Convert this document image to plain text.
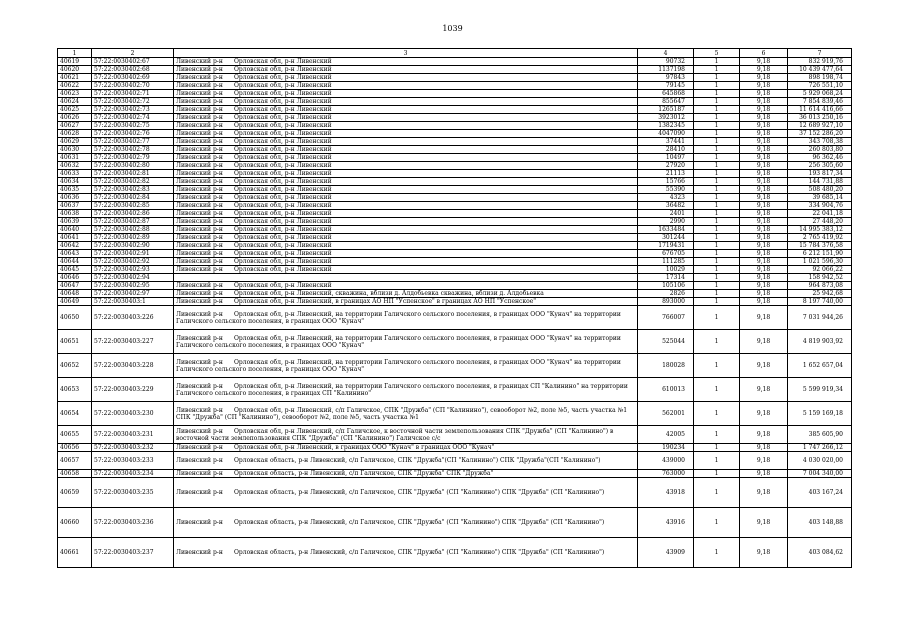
1039
1	2	3	4	5	6	7
40619	57:22:0030402:67	Ливенский р-н Орловская обл, р-н Ливенский	90732	1	9,18	832 919,76
40620	57:22:0030402:68	Ливенский р-н Орловская обл, р-н Ливенский	1137198	1	9,18	10 439 477,64
40621	57:22:0030402:69	Ливенский р-н Орловская обл, р-н Ливенский	97843	1	9,18	898 198,74
40622	57:22:0030402:70	Ливенский р-н Орловская обл, р-н Ливенский	79145	1	9,18	726 551,10
40623	57:22:0030402:71	Ливенский р-н Орловская обл, р-н Ливенский	645868	1	9,18	5 929 068,24
40624	57:22:0030402:72	Ливенский р-н Орловская обл, р-н Ливенский	855647	1	9,18	7 854 839,46
40625	57:22:0030402:73	Ливенский р-н Орловская обл, р-н Ливенский	1265187	1	9,18	11 614 416,66
40626	57:22:0030402:74	Ливенский р-н Орловская обл, р-н Ливенский	3923012	1	9,18	36 013 250,16
40627	57:22:0030402:75	Ливенский р-н Орловская обл, р-н Ливенский	1382345	1	9,18	12 689 927,10
40628	57:22:0030402:76	Ливенский р-н Орловская обл, р-н Ливенский	4047090	1	9,18	37 152 286,20
40629	57:22:0030402:77	Ливенский р-н Орловская обл, р-н Ливенский	37441	1	9,18	343 708,38
40630	57:22:0030402:78	Ливенский р-н Орловская обл, р-н Ливенский	28410	1	9,18	260 803,80
40631	57:22:0030402:79	Ливенский р-н Орловская обл, р-н Ливенский	10497	1	9,18	96 362,46
40632	57:22:0030402:80	Ливенский р-н Орловская обл, р-н Ливенский	27920	1	9,18	256 305,60
40633	57:22:0030402:81	Ливенский р-н Орловская обл, р-н Ливенский	21113	1	9,18	193 817,34
40634	57:22:0030402:82	Ливенский р-н Орловская обл, р-н Ливенский	15766	1	9,18	144 731,88
40635	57:22:0030402:83	Ливенский р-н Орловская обл, р-н Ливенский	55390	1	9,18	508 480,20
40636	57:22:0030402:84	Ливенский р-н Орловская обл, р-н Ливенский	4323	1	9,18	39 685,14
40637	57:22:0030402:85	Ливенский р-н Орловская обл, р-н Ливенский	36482	1	9,18	334 904,76
40638	57:22:0030402:86	Ливенский р-н Орловская обл, р-н Ливенский	2401	1	9,18	22 041,18
40639	57:22:0030402:87	Ливенский р-н Орловская обл, р-н Ливенский	2990	1	9,18	27 448,20
40640	57:22:0030402:88	Ливенский р-н Орловская обл, р-н Ливенский	1633484	1	9,18	14 995 383,12
40641	57:22:0030402:89	Ливенский р-н Орловская обл, р-н Ливенский	301244	1	9,18	2 765 419,92
40642	57:22:0030402:90	Ливенский р-н Орловская обл, р-н Ливенский	1719431	1	9,18	15 784 376,58
40643	57:22:0030402:91	Ливенский р-н Орловская обл, р-н Ливенский	676705	1	9,18	6 212 151,90
40644	57:22:0030402:92	Ливенский р-н Орловская обл, р-н Ливенский	111285	1	9,18	1 021 596,30
40645	57:22:0030402:93	Ливенский р-н Орловская обл, р-н Ливенский	10029	1	9,18	92 066,22
40646	57:22:0030402:94		17314	1	9,18	158 942,52
40647	57:22:0030402:95	Ливенский р-н Орловская обл, р-н Ливенский	105106	1	9,18	964 873,08
40648	57:22:0030402:97	Ливенский р-н Орловская обл, р-н Ливенский, скважина, вблизи д. Алдобьевка скважина, вблизи д. Алдобьевка	2826	1	9,18	25 942,68
40649	57:22:0030403:1	Ливенский р-н Орловская обл, р-н Ливенский, в границах АО НП "Успенское" в границах АО НП "Успенское"	893000	1	9,18	8 197 740,00
40650	57:22:0030403:226	Ливенский р-н Орловская обл, р-н Ливенский, на территории Галичского сельского поселения, в границах ООО "Кунач" на территории Галичского сельского поселения, в границах ООО "Кунач"	766007	1	9,18	7 031 944,26
40651	57:22:0030403:227	Ливенский р-н Орловская обл, р-н Ливенский, на территории Галичского сельского поселения, в границах ООО "Кунач" на территории Галичского сельского поселения, в границах ООО "Кунач"	525044	1	9,18	4 819 903,92
40652	57:22:0030403:228	Ливенский р-н Орловская обл, р-н Ливенский, на территории Галичского сельского поселения, в границах ООО "Кунач" на территории Галичского сельского поселения, в границах ООО "Кунач"	180028	1	9,18	1 652 657,04
40653	57:22:0030403:229	Ливенский р-н Орловская обл, р-н Ливенский, на территории Галичского сельского поселения, в границах СП "Калинино" на территории Галичского сельского поселения, в границах СП "Калинино"	610013	1	9,18	5 599 919,34
40654	57:22:0030403:230	Ливенский р-н Орловская обл, р-н Ливенский, с/п Галичское, СПК "Дружба" (СП "Калинино"), севооборот №2, поле №5, часть участка №1 СПК "Дружба" (СП "Калинино"), севооборот №2, поле №5, часть участка №1	562001	1	9,18	5 159 169,18
40655	57:22:0030403:231	Ливенский р-н Орловская обл, р-н Ливенский, с/п Галичское, к восточной части землепользования СПК "Дружба" (СП "Калинино") в восточной части землепользования СПК "Дружба" (СП "Калинино") Галичское с/с	42005	1	9,18	385 605,90
40656	57:22:0030403:232	Ливенский р-н Орловская обл, р-н Ливенский, в границах ООО "Кунач" в границах ООО "Кунач"	190234	1	9,18	1 747 266,12
40657	57:22:0030403:233	Ливенский р-н Орловская область, р-н Ливенский, с/п Галичское, СПК "Дружба"(СП "Калинино") СПК "Дружба"(СП "Калинино")	439000	1	9,18	4 030 020,00
40658	57:22:0030403:234	Ливенский р-н Орловская область, р-н Ливенский, с/п Галичское, СПК "Дружба" СПК "Дружба"	763000	1	9,18	7 004 340,00
40659	57:22:0030403:235	Ливенский р-н Орловская область, р-н Ливенский, с/п Галичское, СПК "Дружба" (СП "Калинино") СПК "Дружба" (СП "Калинино")	43918	1	9,18	403 167,24
40660	57:22:0030403:236	Ливенский р-н Орловская область, р-н Ливенский, с/п Галичское, СПК "Дружба" (СП "Калинино") СПК "Дружба" (СП "Калинино")	43916	1	9,18	403 148,88
40661	57:22:0030403:237	Ливенский р-н Орловская область, р-н Ливенский, с/п Галичское, СПК "Дружба" (СП "Калинино") СПК "Дружба" (СП "Калинино")	43909	1	9,18	403 084,62
